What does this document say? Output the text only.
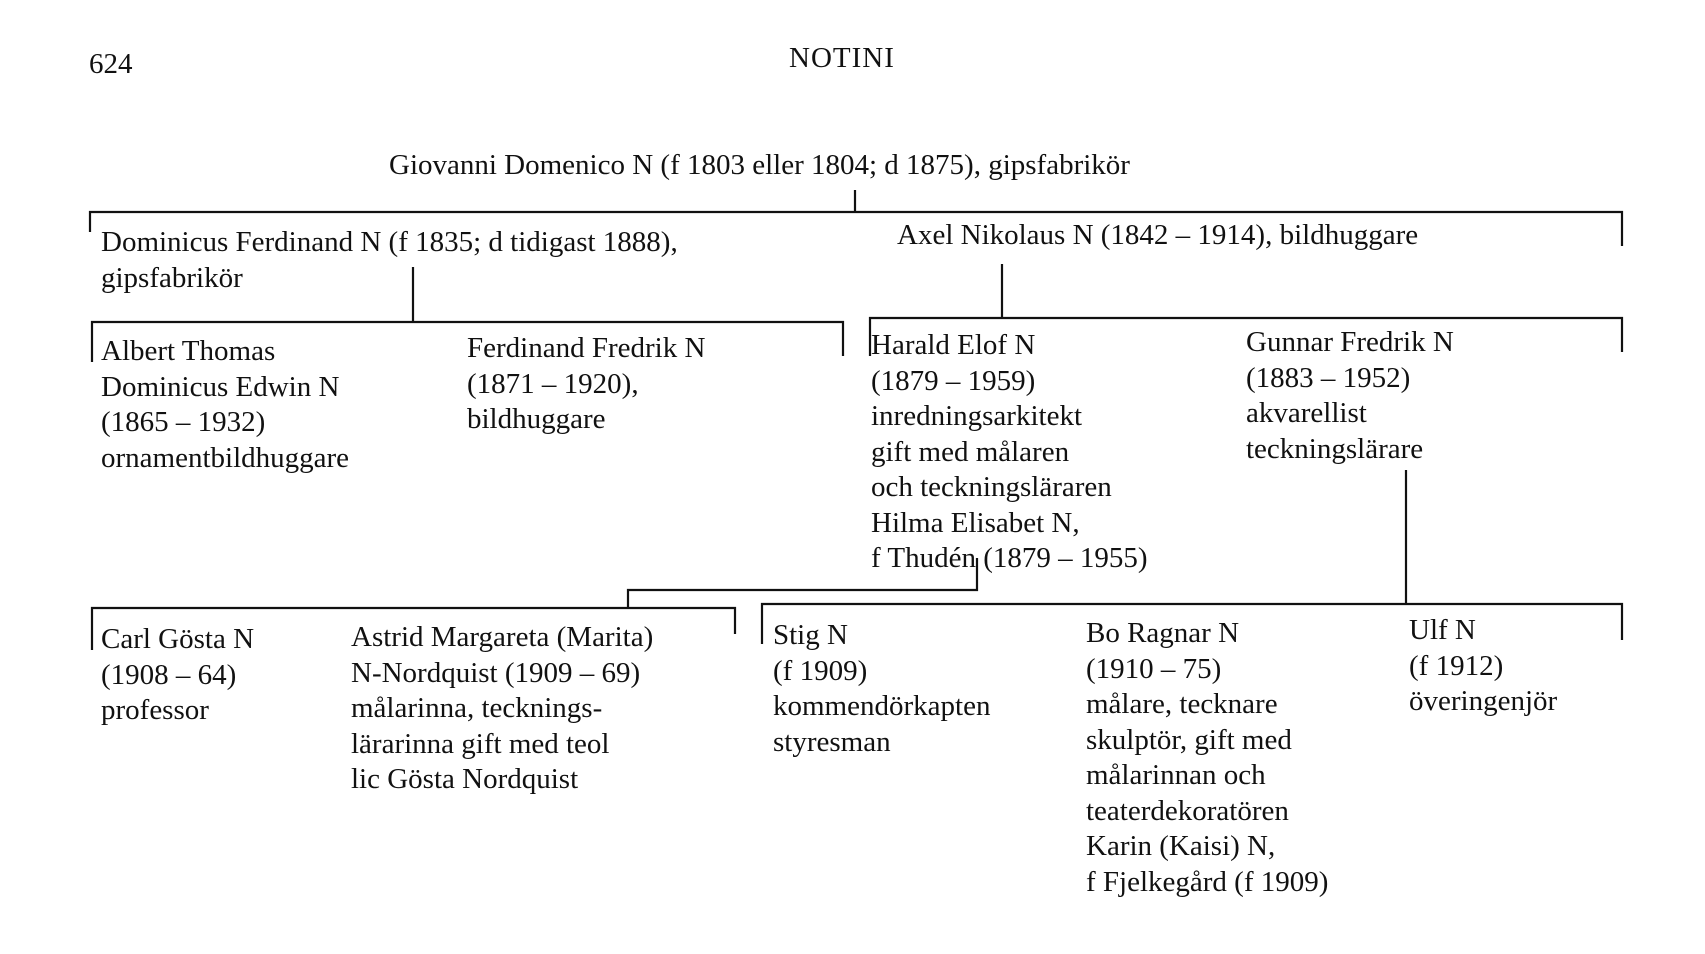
624	NOTINI
Giovanni Domenico N (f 1803 eller 1804; d 1875), gipsfabrikör
Dominicus Ferdinand N (f 1835; d tidigast 1888),
gipsfabrikör
Axel Nikolaus N (1842 – 1914), bildhuggare
Albert Thomas
Dominicus Edwin N
(1865 – 1932)
ornamentbildhuggare
Ferdinand Fredrik N
(1871 – 1920),
bildhuggare
Harald Elof N
(1879 – 1959)
inredningsarkitekt
gift med målaren
och teckningsläraren
Hilma Elisabet N,
f Thudén (1879 – 1955)
Gunnar Fredrik N
(1883 – 1952)
akvarellist
teckningslärare
Carl Gösta N
(1908 – 64)
professor
Astrid Margareta (Marita)
N-Nordquist (1909 – 69)
målarinna, tecknings-
lärarinna gift med teol
lic Gösta Nordquist
Stig N
(f 1909)
kommendörkapten
styresman
Bo Ragnar N
(1910 – 75)
målare, tecknare
skulptör, gift med
målarinnan och
teaterdekoratören
Karin (Kaisi) N,
f Fjelkegård (f 1909)
Ulf N
(f 1912)
överingenjör
